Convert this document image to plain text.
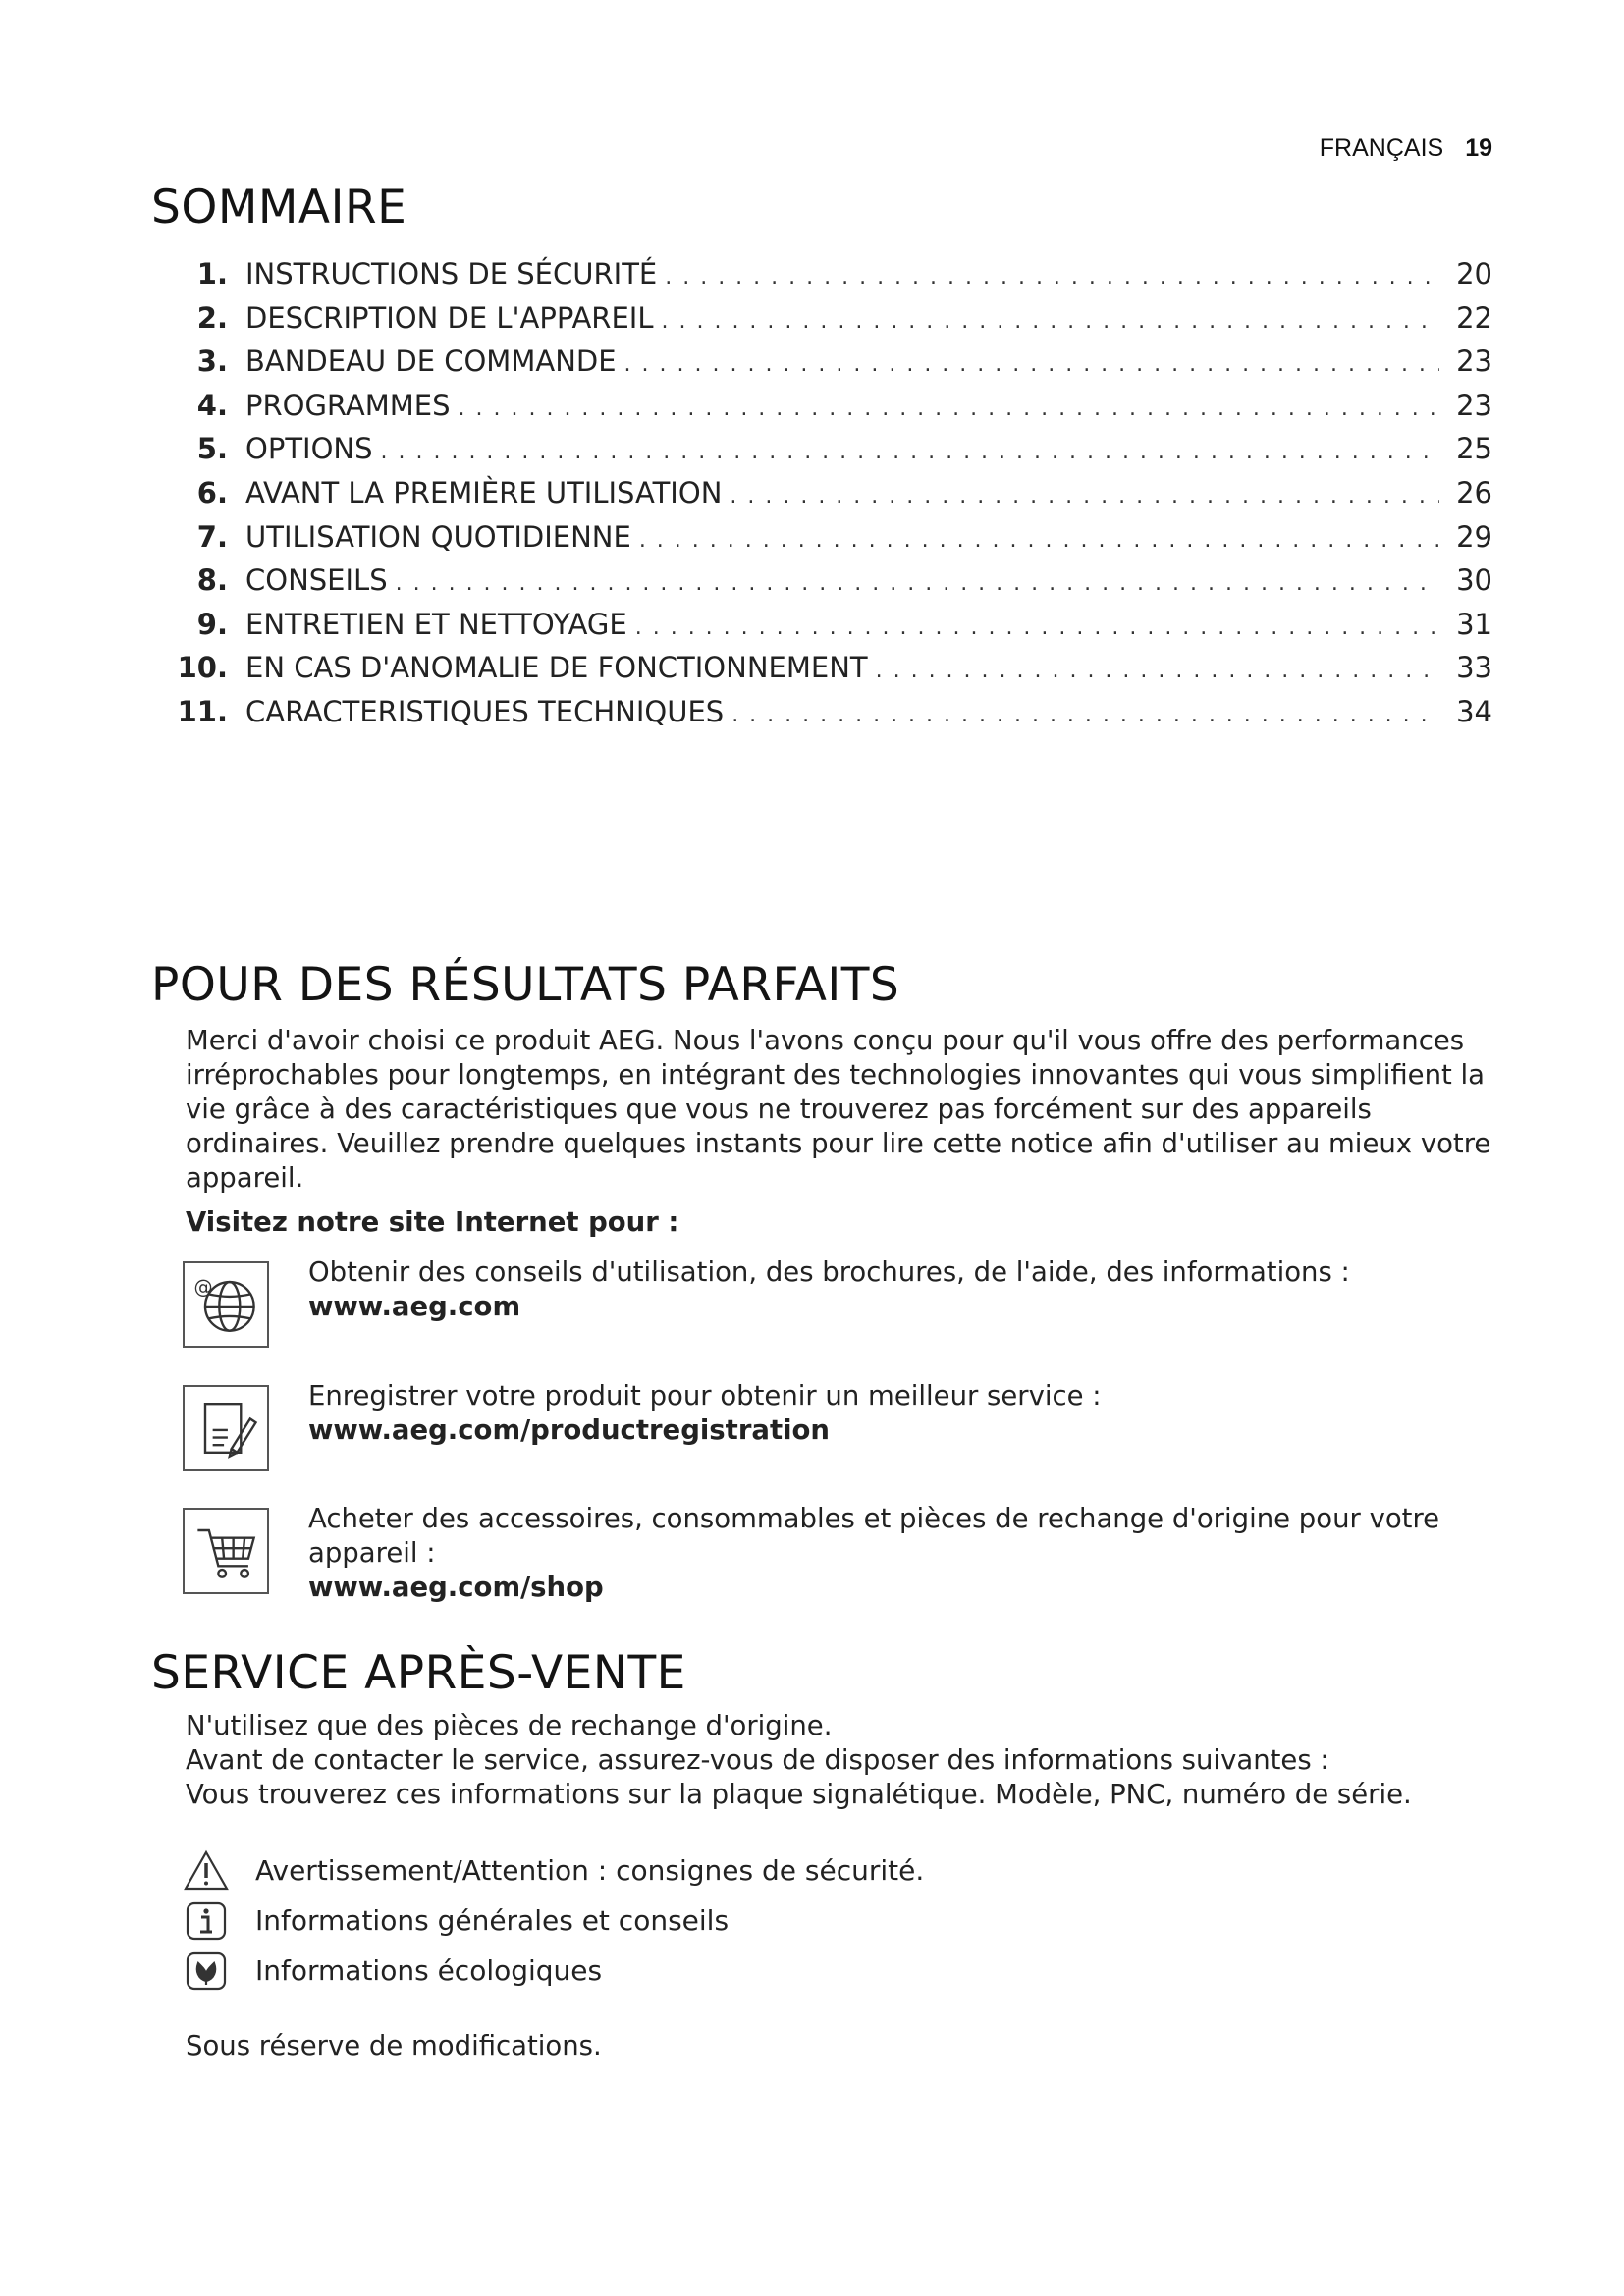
FRANÇAIS 19
SOMMAIRE
1. INSTRUCTIONS DE SÉCURITÉ . . .	20
2. DESCRIPTION DE L'APPAREIL . . .	22
3. BANDEAU DE COMMANDE . . .	23
4. PROGRAMMES . . .	23
5. OPTIONS . . .	25
6. AVANT LA PREMIÈRE UTILISATION . . .	26
7. UTILISATION QUOTIDIENNE . . .	29
8. CONSEILS . . .	30
9. ENTRETIEN ET NETTOYAGE . . .	31
10. EN CAS D'ANOMALIE DE FONCTIONNEMENT . . .	33
11. CARACTERISTIQUES TECHNIQUES . . .	34
POUR DES RÉSULTATS PARFAITS
Merci d'avoir choisi ce produit AEG. Nous l'avons conçu pour qu'il vous offre des performances irréprochables pour longtemps, en intégrant des technologies innovantes qui vous simplifient la vie grâce à des caractéristiques que vous ne trouverez pas forcément sur des appareils ordinaires. Veuillez prendre quelques instants pour lire cette notice afin d'utiliser au mieux votre appareil.
Visitez notre site Internet pour :
@	Obtenir des conseils d'utilisation, des brochures, de l'aide, des informations :
www.aeg.com
Enregistrer votre produit pour obtenir un meilleur service :
www.aeg.com/productregistration
Acheter des accessoires, consommables et pièces de rechange d'origine pour votre appareil :
www.aeg.com/shop
SERVICE APRÈS-VENTE
N'utilisez que des pièces de rechange d'origine.
Avant de contacter le service, assurez-vous de disposer des informations suivantes :
Vous trouverez ces informations sur la plaque signalétique. Modèle, PNC, numéro de série.
Avertissement/Attention : consignes de sécurité.
Informations générales et conseils
Informations écologiques
Sous réserve de modifications.
